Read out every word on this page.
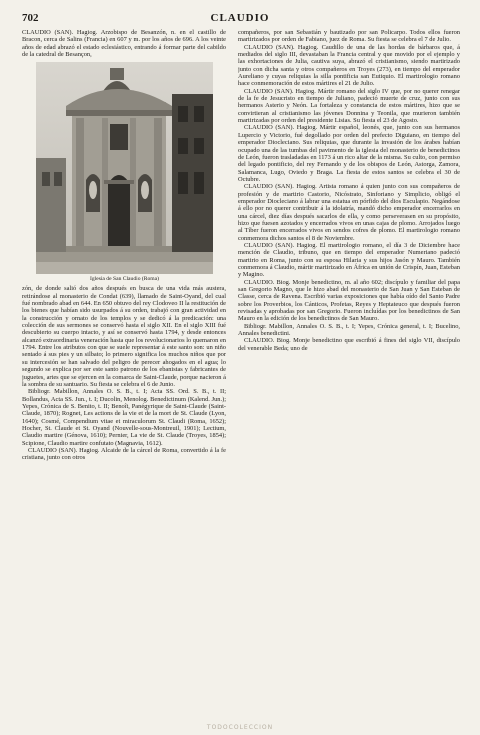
702	CLAUDIO

CLAUDIO (SAN). Hagiog. Arzobispo de Besanzón, n. en el castillo de Bracon, cerca de Salins (Francia) en 607 y m. por los años de 696. A los veinte años de edad abrazó el estado eclesiástico, entrando á formar parte del cabildo de la catedral de Besançon,

Iglesia de San Claudio (Roma)

zón, de donde salió dos años después en busca de una vida más austera, retirándose al monasterio de Condat (639), llamado de Saint-Oyand, del cual fué nombrado abad en 644. En 650 obtuvo del rey Clodoveo II la restitución de los bienes que habían sido usurpados á su orden, trabajó con gran actividad en la construcción y ornato de los templos y se dedicó á la predicación: una colección de sus sermones se conservó hasta el siglo XII. En el siglo XIII fué descubierto su cuerpo intacto, y así se conservó hasta 1794, y desde entonces alcanzó extraordinaria veneración hasta que los revolucionarios lo quemaron en 1794. Entre los atributos con que se suele representar á este santo son: un niño sentado á sus pies y un silbato; lo primero significa los muchos niños que por su intercesión se han salvado del peligro de perecer ahogados en el agua; lo segundo se explica por ser este santo patrono de los ebanistas y fabricantes de juguetes, artes que se ejercen en la comarca de Saint-Claude, porque nacieron á la sombra de su santuario. Su fiesta se celebra el 6 de Junio.

Bibliogr. Mabillon, Annales O. S. B., t. I; Acta SS. Ord. S. B., t. II; Bollandus, Acta SS. Jun., t. I; Ducolin, Menolog. Benedictinum (Kalend. Jun.); Yepes, Crónica de S. Benito, t. II; Benoît, Panégyrique de Saint-Claude (Saint-Claude, 1870); Rognet, Les actions de la vie et de la mort de St. Claude (Lyon, 1640); Cosmé, Compendium vitae et miraculorum St. Claudi (Roma, 1652); Hocher, St. Claude et St. Oyand (Nouvelle-sous-Montreuil, 1901); Lectium, Claudio martire (Génova, 1610); Pernier, La vie de St. Claude (Troyes, 1854); Scipione, Claudio martire confutato (Magnavia, 1612).

CLAUDIO (SAN). Hagiog. Alcaide de la cárcel de Roma, convertido á la fe cristiana, junto con otros

compañeros, por san Sebastián y bautizado por san Policarpo. Todos ellos fueron martirizados por orden de Fabiano, juez de Roma. Su fiesta se celebra el 7 de Julio.

CLAUDIO (SAN). Hagiog. Caudillo de una de las hordas de bárbaros que, á mediados del siglo III, devastaban la Francia central y que movido por el ejemplo y las exhortaciones de Julia, cautiva suya, abrazó el cristianismo, siendo martirizado junto con dicha santa y otros compañeros en Troyes (273), en tiempo del emperador Aureliano y cuyas reliquias la silla pontificia san Eutiquio. El martirologio romano hace conmemoración de estos mártires el 21 de Julio.

CLAUDIO (SAN). Hagiog. Mártir romano del siglo IV que, por no querer renegar de la fe de Jesucristo en tiempo de Juliano, padeció muerte de cruz, junto con sus hermanos Asterio y Neón. La fortaleza y constancia de estos mártires, hizo que se convirtieran al cristianismo las jóvenes Donnina y Teonila, que murieron también martirizadas por orden del presidente Lisias. Su fiesta el 23 de Agosto.

CLAUDIO (SAN). Hagiog. Mártir español, leonés, que, junto con sus hermanos Lupercio y Victorio, fué degollado por orden del prefecto Diguiano, en tiempo del emperador Diocleciano. Sus reliquias, que durante la invasión de los árabes habían ocupado una de las tumbas del pavimento de la iglesia del monasterio de benedictinos de León, fueron trasladadas en 1173 á un rico altar de la misma. Su culto, con permiso del legado pontificio, del rey Fernando y de los obispos de León, Astorga, Zamora, Salamanca, Lugo, Oviedo y Braga. La fiesta de estos santos se celebra el 30 de Octubre.

CLAUDIO (SAN). Hagiog. Artista romano á quien junto con sus compañeros de profesión y de martirio Castorio, Nicóstrato, Sinforiano y Simplicio, obligó el emperador Diocleciano á labrar una estatua en pórfido del dios Esculapio. Negándose á ello por no querer contribuir á la idolatría, mandó dicho emperador encerrarlos en una cárcel, diez días después sacarlos de ella, y como perseverasen en su propósito, hizo que fuesen azotados y encerrados vivos en unas cajas de plomo. Arrojados luego al Tíber fueron encerrados vivos en sendos cofres de plomo. El martirologio romano conmemora dichos santos el 8 de Noviembre.

CLAUDIO (SAN). Hagiog. El martirologio romano, el día 3 de Diciembre hace mención de Claudio, tribuno, que en tiempo del emperador Numeriano padeció martirio en Roma, junto con su esposa Hilaria y sus hijos Jasón y Mauro. También conmemora á Claudio, mártir martirizado en África en unión de Crispín, Juan, Esteban y Magino.

CLAUDIO. Biog. Monje benedictino, m. al año 602; discípulo y familiar del papa san Gregorio Magno, que le hizo abad del monasterio de San Juan y San Esteban de Classe, cerca de Ravena. Escribió varias exposiciones que había oído del Santo Padre sobre los Proverbios, los Cánticos, Profetas, Reyes y Heptateuco que después fueron revisadas y aprobadas por san Gregorio. Fueron incluídas por los benedictinos de San Mauro en la edición de los benedictinos de San Mauro.

Bibliogr. Mabillon, Annales O. S. B., t. I; Yepes, Crónica general, t. I; Bucelino, Annales benedictini.

CLAUDIO. Biog. Monje benedictino que escribió á fines del siglo VII, discípulo del venerable Beda; uno de

TODOCOLECCION
